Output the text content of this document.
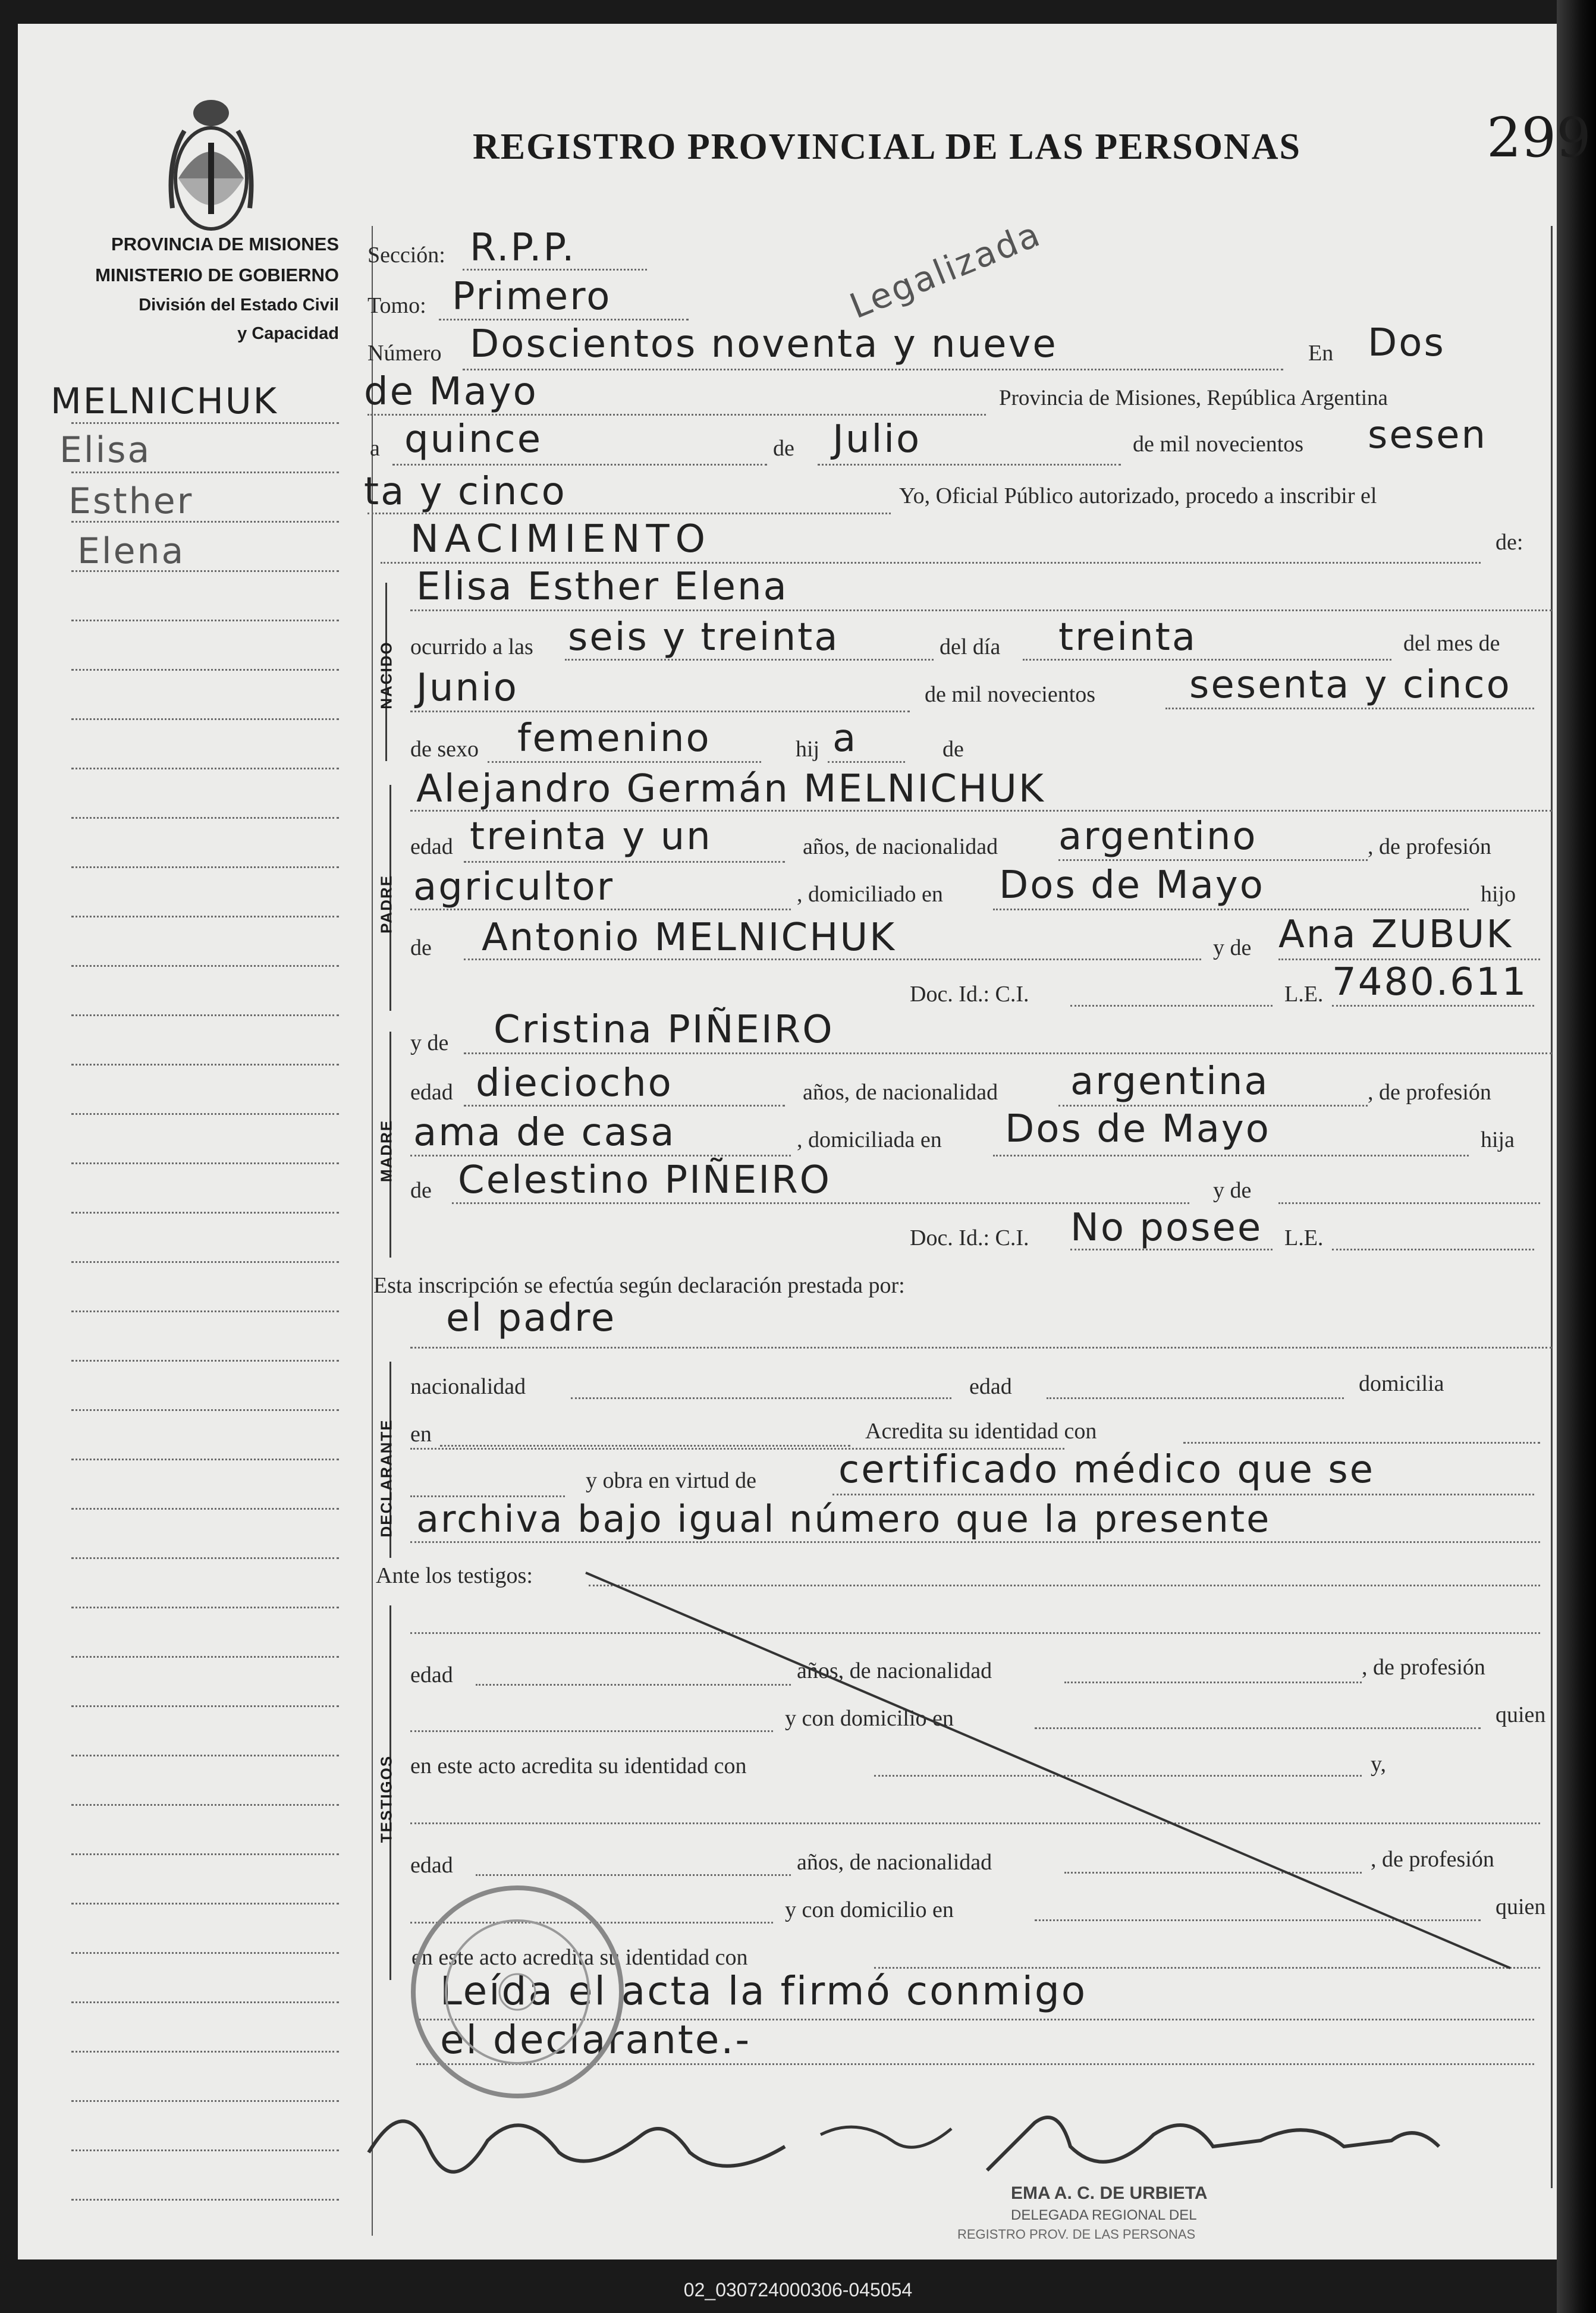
REGISTRO PROVINCIAL DE LAS PERSONAS	299
PROVINCIA DE MISIONES
MINISTERIO DE GOBIERNO
División del Estado Civil
y Capacidad
Legalizada
MELNICHUK
Elisa
Esther
Elena
Sección: R.P.P.
Tomo: Primero
Número Doscientos noventa y nueve	En Dos
de Mayo	Provincia de Misiones, República Argentina
a quince	de Julio	de mil novecientos sesen
ta y cinco	Yo, Oficial Público autorizado, procedo a inscribir el
NACIMIENTO	de:
NACIDO
Elisa Esther Elena
ocurrido a las seis y treinta	del día treinta	del mes de
Junio	de mil novecientos sesenta y cinco
de sexo femenino	hij a	de
PADRE
Alejandro Germán MELNICHUK
edad treinta y un	años, de nacionalidad argentino	, de profesión
agricultor	, domiciliado en Dos de Mayo	hijo
de Antonio MELNICHUK	y de Ana ZUBUK
Doc. Id.: C.I.	L.E. 7480.611
MADRE
y de Cristina PIÑEIRO
edad dieciocho	años, de nacionalidad argentina	, de profesión
ama de casa	, domiciliada en Dos de Mayo	hija
de Celestino PIÑEIRO	y de
Doc. Id.: C.I. No posee L.E.
Esta inscripción se efectúa según declaración prestada por:
el padre
DECLARANTE
nacionalidad	edad	domicilia
en	Acredita su identidad con
y obra en virtud de certificado médico que se
archiva bajo igual número que la presente
Ante los testigos:
TESTIGOS
edad	años, de nacionalidad	, de profesión
y con domicilio en	quien
en este acto acredita su identidad con	y,
edad	años, de nacionalidad	, de profesión
y con domicilio en	quien
en este acto acredita su identidad con
Leída el acta la firmó conmigo
el declarante.-
EMA A. C. DE URBIETA
DELEGADA REGIONAL DEL
REGISTRO PROV. DE LAS PERSONAS
02_030724000306-045054
